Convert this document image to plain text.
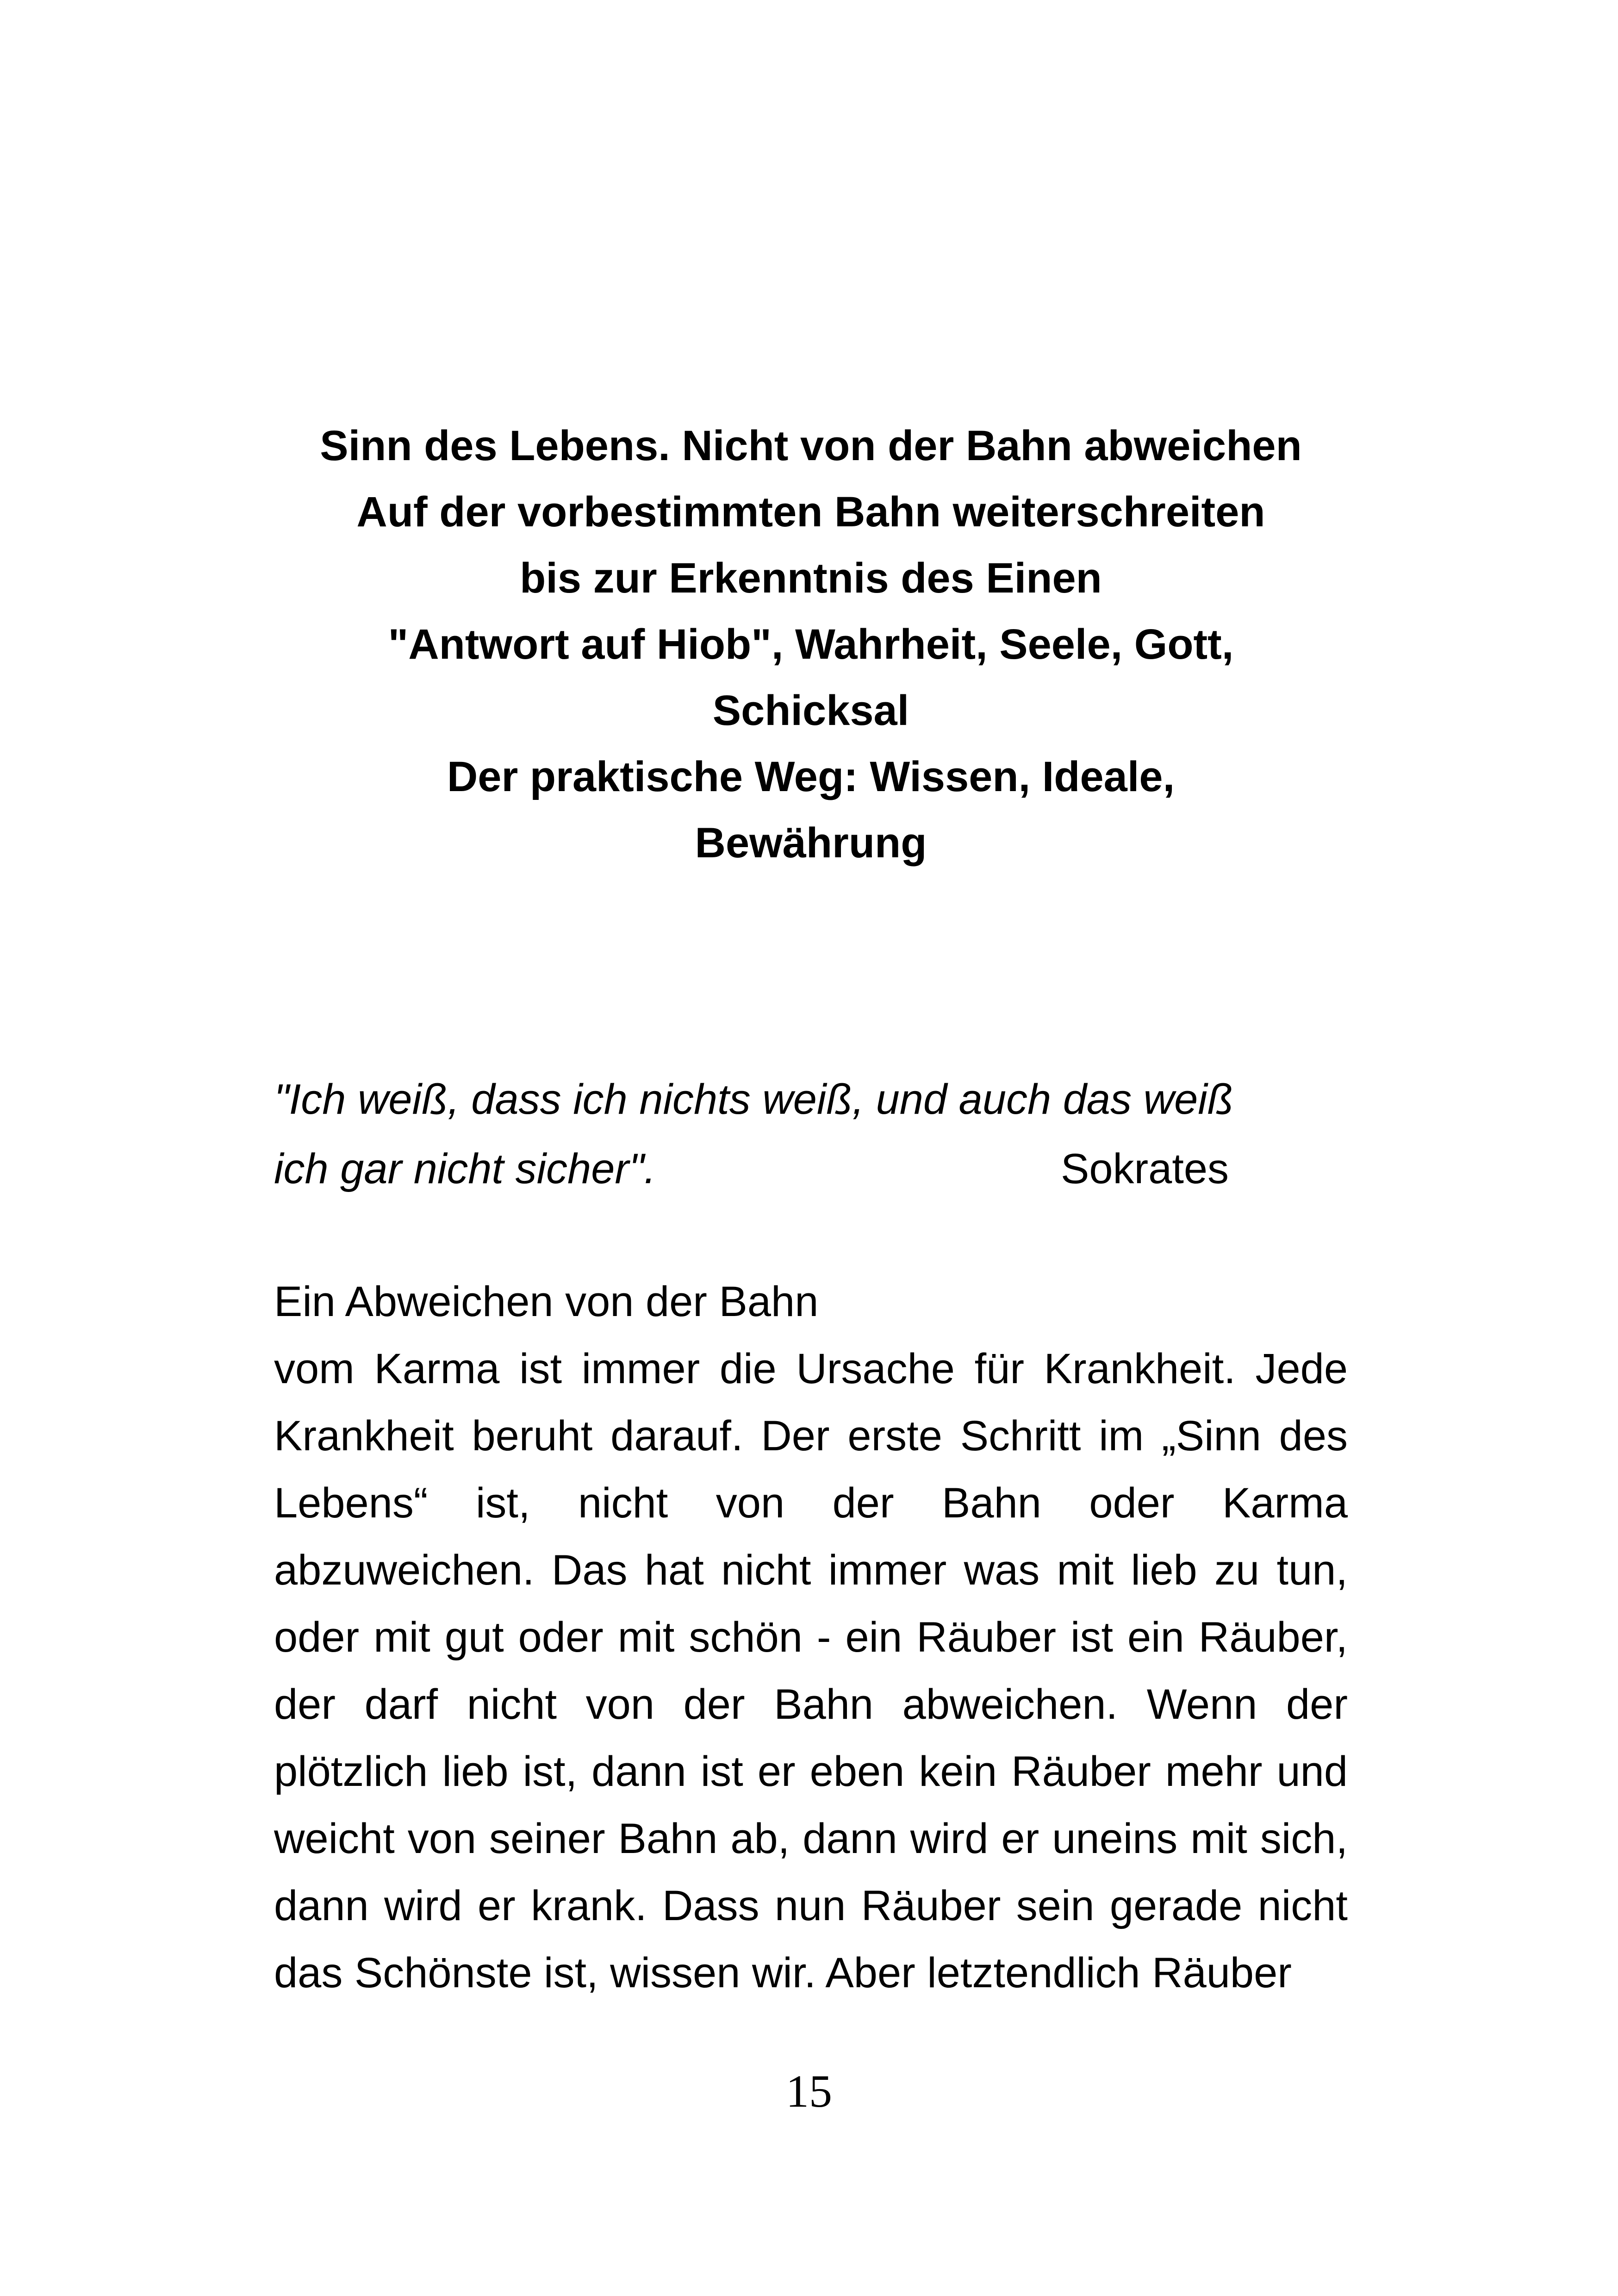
Sinn des Lebens. Nicht von der Bahn abweichen
Auf der vorbestimmten Bahn weiterschreiten
bis zur Erkenntnis des Einen
"Antwort auf Hiob", Wahrheit, Seele, Gott,
Schicksal
Der praktische Weg: Wissen, Ideale,
Bewährung
"Ich weiß, dass ich nichts weiß, und auch das weiß
ich gar nicht sicher".	Sokrates
Ein Abweichen von der Bahn
vom Karma ist immer die Ursache für Krankheit. Jede Krankheit beruht darauf. Der erste Schritt im „Sinn des Lebens“ ist, nicht von der Bahn oder Karma abzuweichen. Das hat nicht immer was mit lieb zu tun, oder mit gut oder mit schön - ein Räuber ist ein Räuber, der darf nicht von der Bahn abweichen. Wenn der plötzlich lieb ist, dann ist er eben kein Räuber mehr und weicht von seiner Bahn ab, dann wird er uneins mit sich, dann wird er krank. Dass nun Räuber sein gerade nicht das Schönste ist, wissen wir. Aber letztendlich Räuber
15
